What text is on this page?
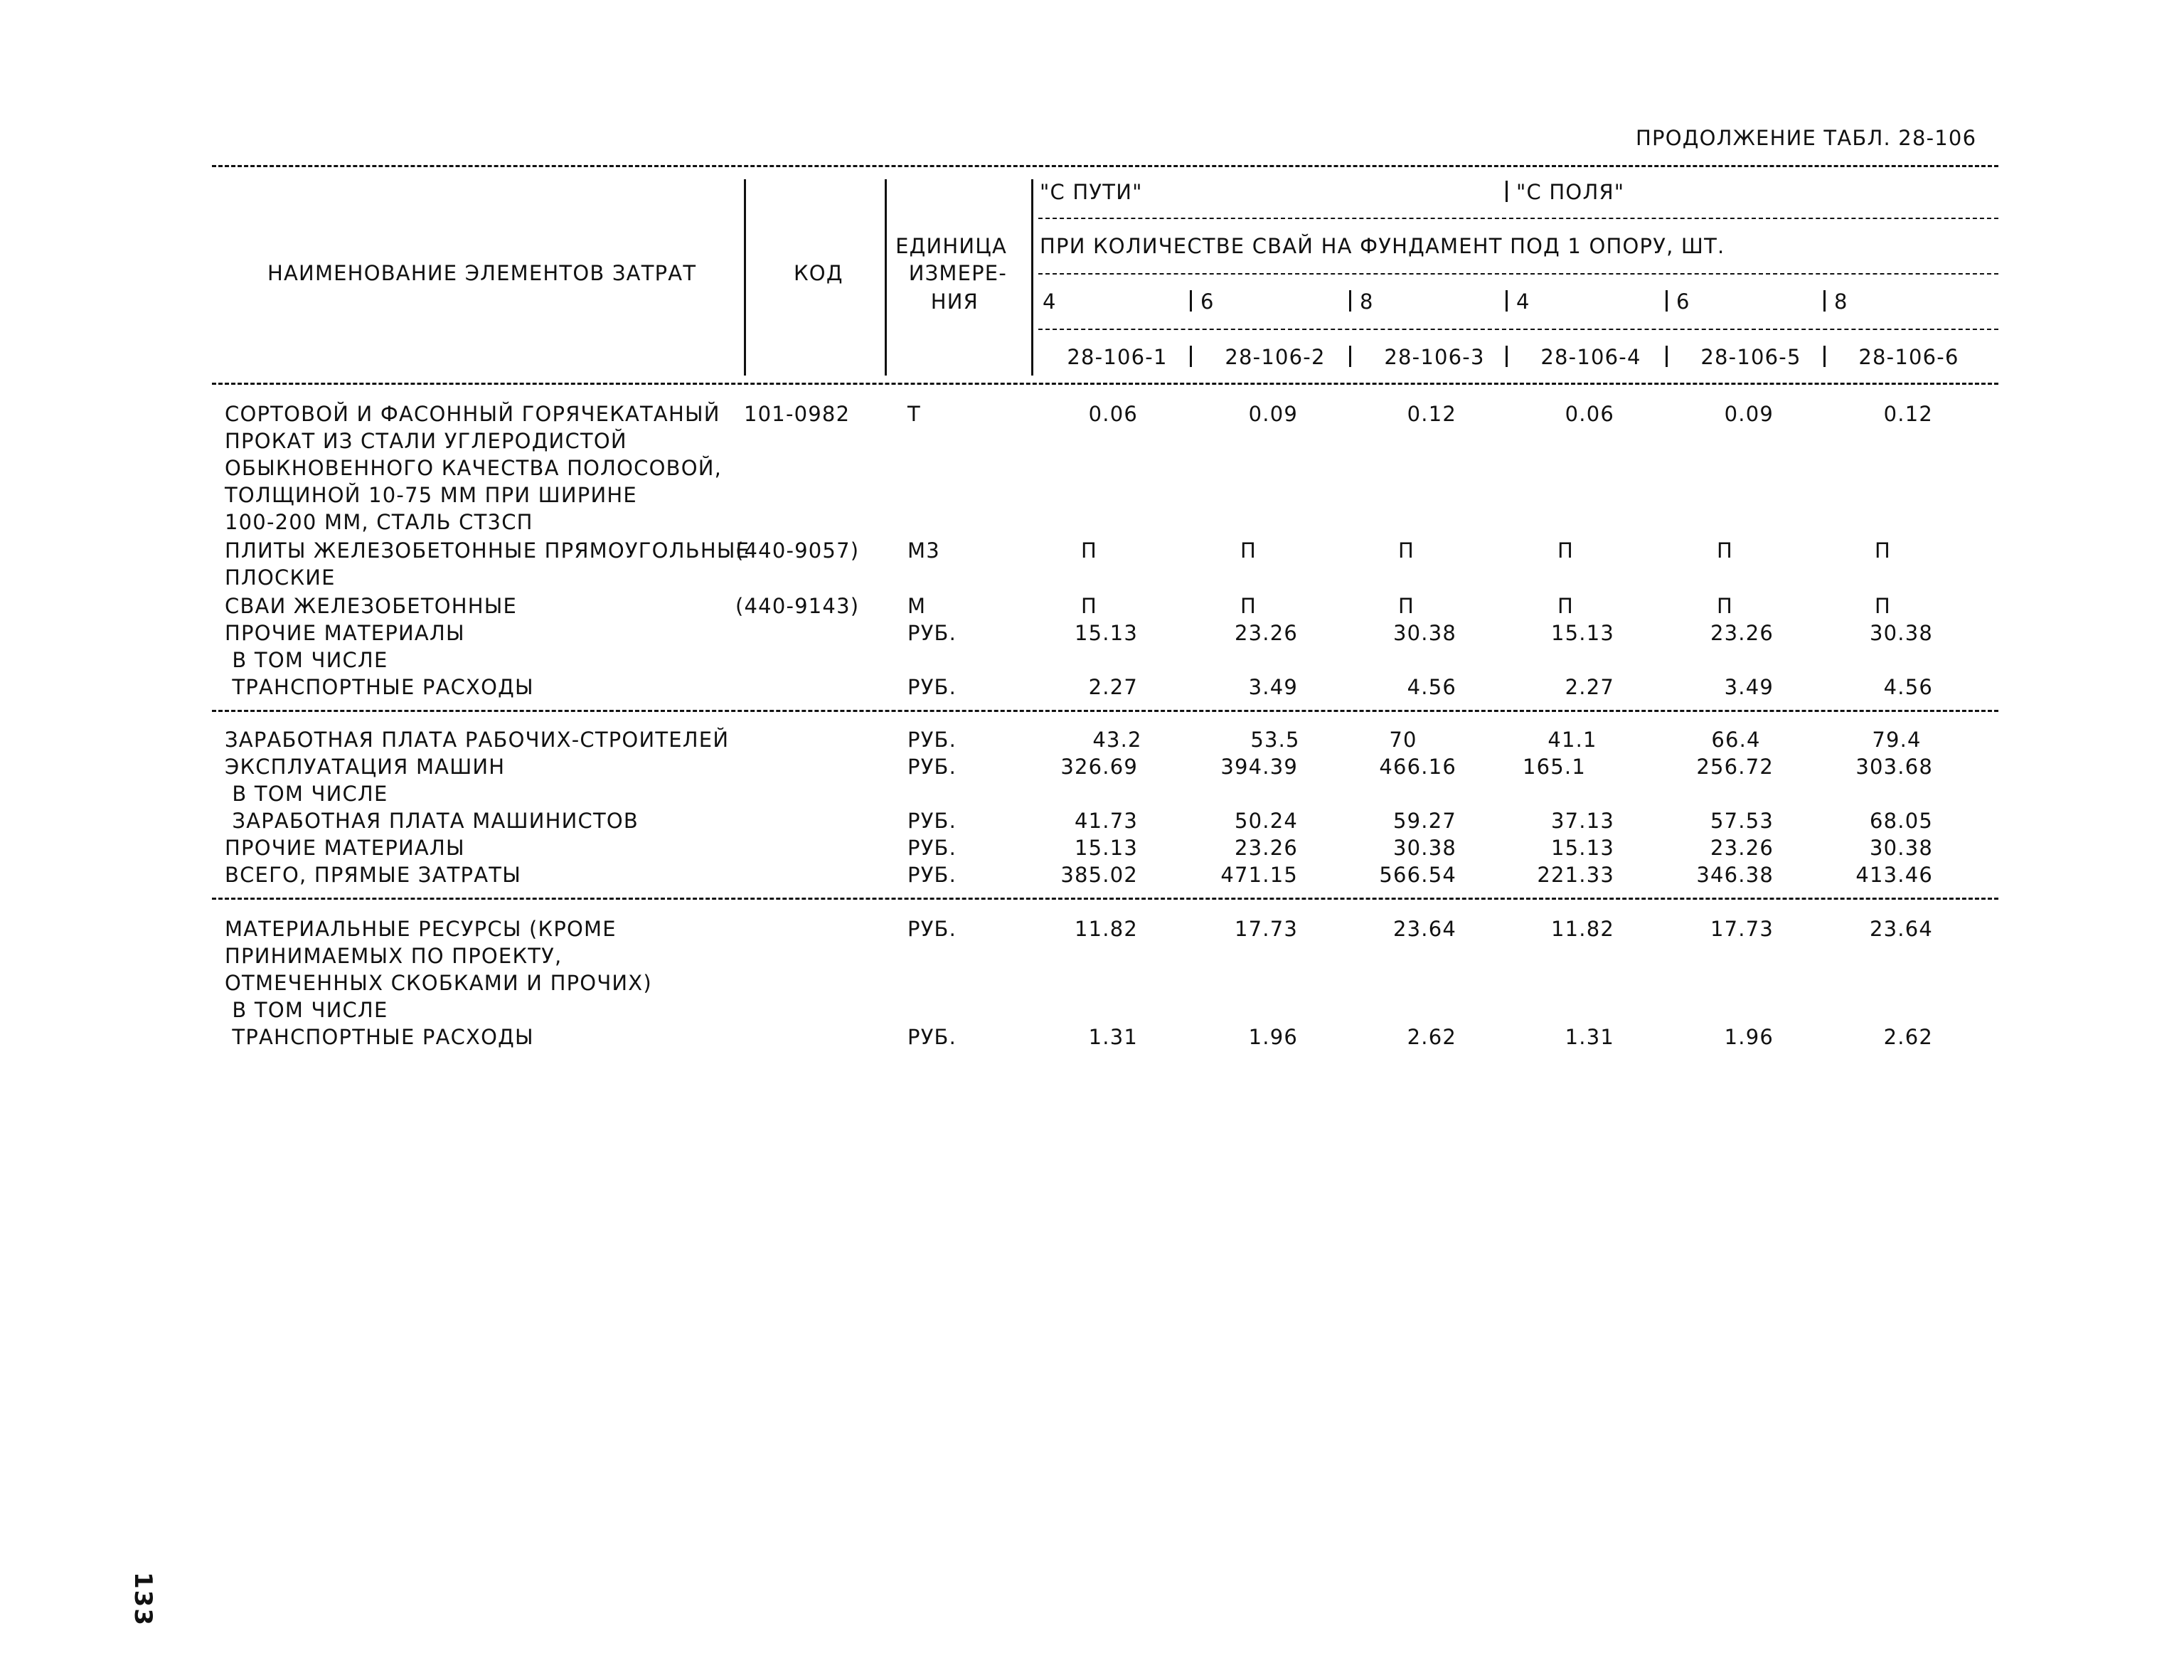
ПРОДОЛЖЕНИЕ ТАБЛ. 28-106
"С ПУТИ"	"С ПОЛЯ"
ПРИ КОЛИЧЕСТВЕ СВАЙ НА ФУНДАМЕНТ ПОД 1 ОПОРУ, ШТ.
НАИМЕНОВАНИЕ ЭЛЕМЕНТОВ ЗАТРАТ	КОД
ЕДИНИЦА
ИЗМЕРЕ-
НИЯ	4	6	8	4	6	8
28-106-1	28-106-2	28-106-3	28-106-4	28-106-5	28-106-6
СОРТОВОЙ И ФАСОННЫЙ ГОРЯЧЕКАТАНЫЙ
ПРОКАТ ИЗ СТАЛИ УГЛЕРОДИСТОЙ
ОБЫКНОВЕННОГО КАЧЕСТВА ПОЛОСОВОЙ,
ТОЛЩИНОЙ 10-75 ММ ПРИ ШИРИНЕ
100-200 ММ, СТАЛЬ СТ3СП
101-0982	Т	0.06	0.09	0.12	0.06	0.09	0.12
ПЛИТЫ ЖЕЛЕЗОБЕТОННЫЕ ПРЯМОУГОЛЬНЫЕ
ПЛОСКИЕ
(440-9057) М3	П	П	П	П	П	П
СВАИ ЖЕЛЕЗОБЕТОННЫЕ	(440-9143) М	П	П	П	П	П	П
ПРОЧИЕ МАТЕРИАЛЫ
В ТОМ ЧИСЛЕ
РУБ.	15.13	23.26	30.38	15.13	23.26	30.38
ТРАНСПОРТНЫЕ РАСХОДЫ	РУБ.	2.27	3.49	4.56	2.27	3.49	4.56
ЗАРАБОТНАЯ ПЛАТА РАБОЧИХ-СТРОИТЕЛЕЙ	РУБ.	43.2	53.5	70	41.1	66.4	79.4
ЭКСПЛУАТАЦИЯ МАШИН
В ТОМ ЧИСЛЕ
РУБ.	326.69	394.39	466.16	165.1	256.72	303.68
ЗАРАБОТНАЯ ПЛАТА МАШИНИСТОВ	РУБ.	41.73	50.24	59.27	37.13	57.53	68.05
ПРОЧИЕ МАТЕРИАЛЫ	РУБ.	15.13	23.26	30.38	15.13	23.26	30.38
ВСЕГО, ПРЯМЫЕ ЗАТРАТЫ	РУБ.	385.02	471.15	566.54	221.33	346.38	413.46
МАТЕРИАЛЬНЫЕ РЕСУРСЫ (КРОМЕ
ПРИНИМАЕМЫХ ПО ПРОЕКТУ,
ОТМЕЧЕННЫХ СКОБКАМИ И ПРОЧИХ)
В ТОМ ЧИСЛЕ
РУБ.	11.82	17.73	23.64	11.82	17.73	23.64
ТРАНСПОРТНЫЕ РАСХОДЫ	РУБ.	1.31	1.96	2.62	1.31	1.96	2.62
133
